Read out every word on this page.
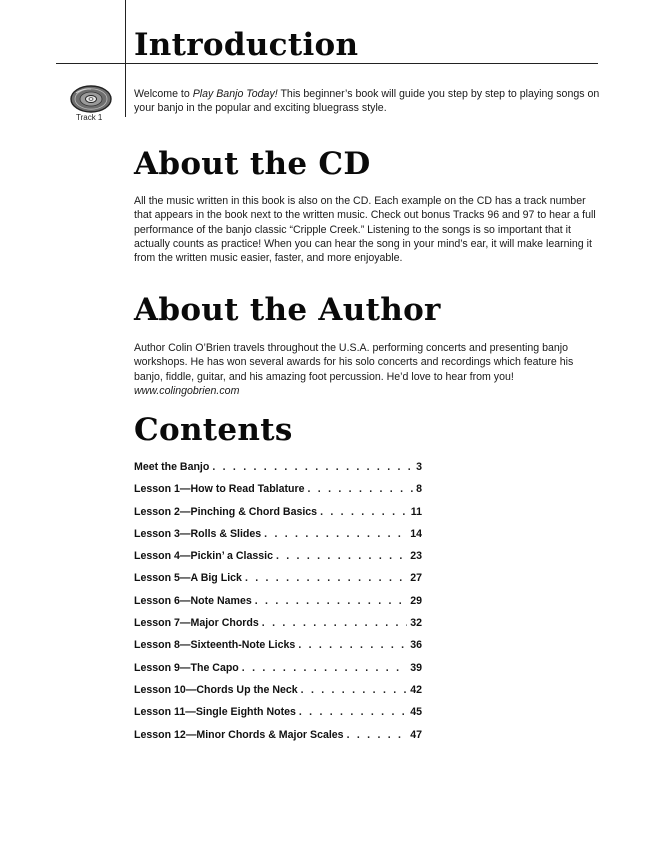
Track 1
Introduction

Welcome to Play Banjo Today! This beginner’s book will guide you step by step to playing songs on your banjo in the popular and exciting bluegrass style.

About the CD

All the music written in this book is also on the CD. Each example on the CD has a track number that appears in the book next to the written music. Check out bonus Tracks 96 and 97 to hear a full performance of the banjo classic “Cripple Creek.” Listening to the songs is so important that it actually counts as practice! When you can hear the song in your mind’s ear, it will make learning it from the written music easier, faster, and more enjoyable.

About the Author

Author Colin O’Brien travels throughout the U.S.A. performing concerts and presenting banjo workshops. He has won several awards for his solo concerts and recordings which feature his banjo, fiddle, guitar, and his amazing foot percussion. He’d love to hear from you!  www.colingobrien.com

Contents
Meet the Banjo . . .	3
Lesson 1—How to Read Tablature . . .	8
Lesson 2—Pinching & Chord Basics . . .	11
Lesson 3—Rolls & Slides . . .	14
Lesson 4—Pickin’ a Classic . . .	23
Lesson 5—A Big Lick . . .	27
Lesson 6—Note Names . . .	29
Lesson 7—Major Chords . . .	32
Lesson 8—Sixteenth-Note Licks . . .	36
Lesson 9—The Capo . . .	39
Lesson 10—Chords Up the Neck . . .	42
Lesson 11—Single Eighth Notes . . .	45
Lesson 12—Minor Chords & Major Scales . . .	47
